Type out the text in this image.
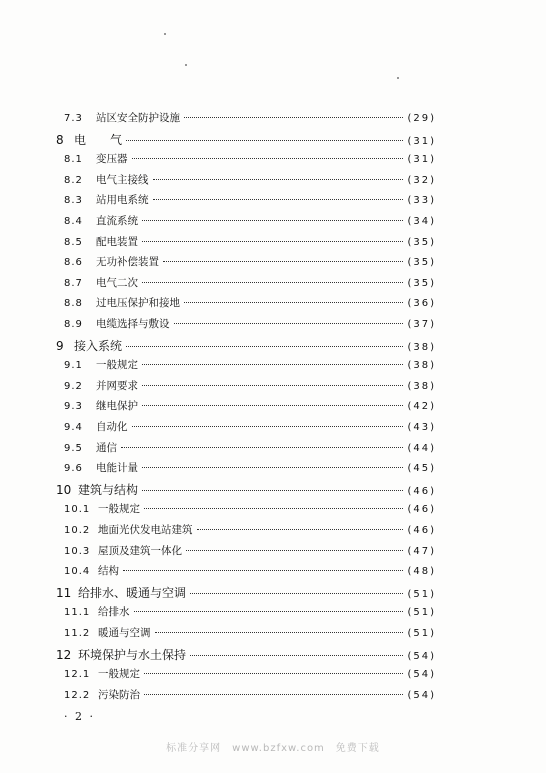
7.3	站区安全防护设施	(29)
8 电　　气	(31)
8.1	变压器	(31)
8.2	电气主接线	(32)
8.3	站用电系统	(33)
8.4	直流系统	(34)
8.5	配电装置	(35)
8.6	无功补偿装置	(35)
8.7	电气二次	(35)
8.8	过电压保护和接地	(36)
8.9	电缆选择与敷设	(37)
9 接入系统	(38)
9.1	一般规定	(38)
9.2	并网要求	(38)
9.3	继电保护	(42)
9.4	自动化	(43)
9.5	通信	(44)
9.6	电能计量	(45)
10 建筑与结构	(46)
10.1 一般规定	(46)
10.2 地面光伏发电站建筑	(46)
10.3 屋顶及建筑一体化	(47)
10.4 结构	(48)
11 给排水、暖通与空调	(51)
11.1 给排水	(51)
11.2 暖通与空调	(51)
12 环境保护与水土保持	(54)
12.1 一般规定	(54)
12.2 污染防治	(54)
· 2 ·
标准分享网　www.bzfxw.com　免费下载
